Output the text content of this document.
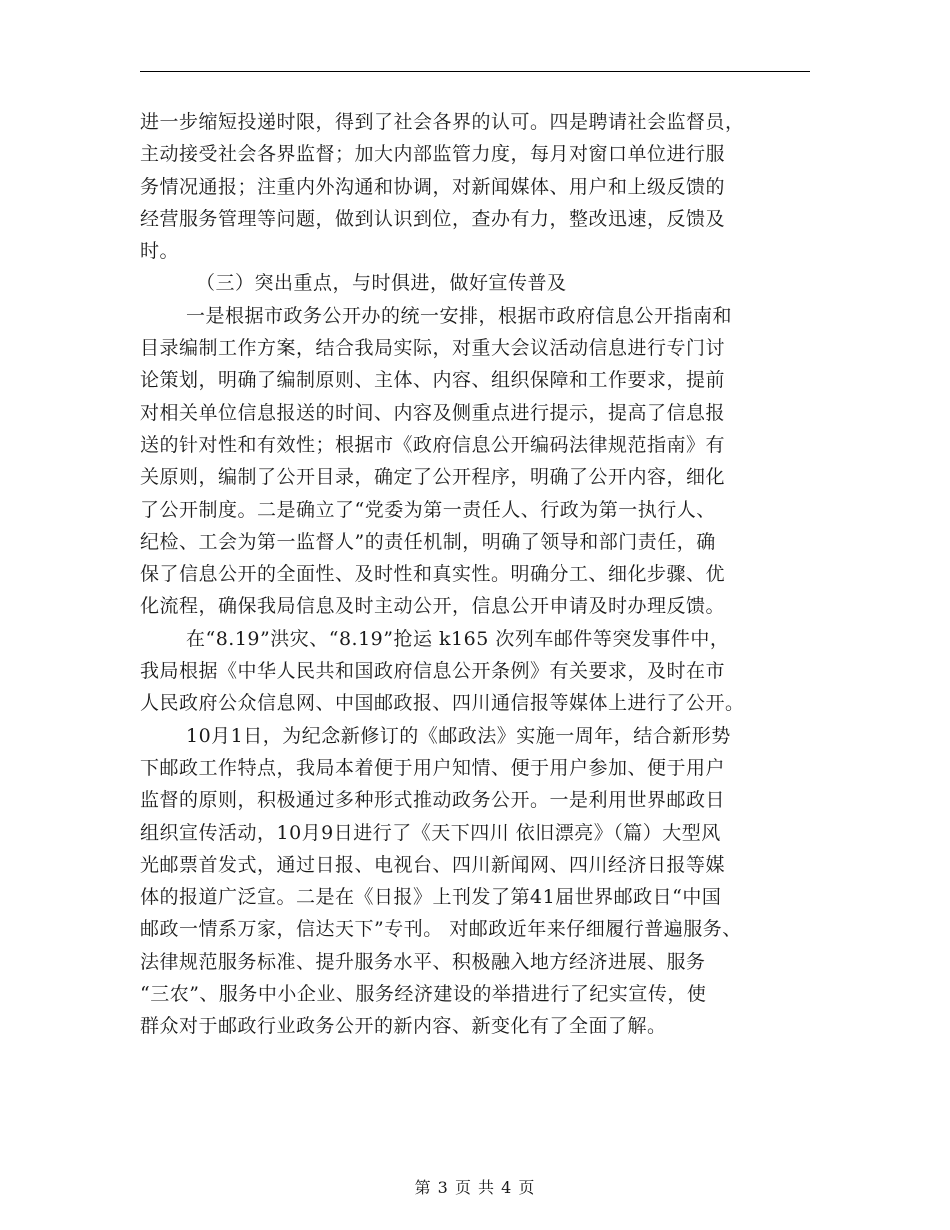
进一步缩短投递时限，得到了社会各界的认可。四是聘请社会监督员，
主动接受社会各界监督；加大内部监管力度，每月对窗口单位进行服
务情况通报；注重内外沟通和协调，对新闻媒体、用户和上级反馈的
经营服务管理等问题，做到认识到位，查办有力，整改迅速，反馈及
时。
（三）突出重点，与时俱进，做好宣传普及
一是根据市政务公开办的统一安排，根据市政府信息公开指南和
目录编制工作方案，结合我局实际，对重大会议活动信息进行专门讨
论策划，明确了编制原则、主体、内容、组织保障和工作要求，提前
对相关单位信息报送的时间、内容及侧重点进行提示，提高了信息报
送的针对性和有效性；根据市《政府信息公开编码法律规范指南》有
关原则，编制了公开目录，确定了公开程序，明确了公开内容，细化
了公开制度。二是确立了“党委为第一责任人、行政为第一执行人、
纪检、工会为第一监督人”的责任机制，明确了领导和部门责任，确
保了信息公开的全面性、及时性和真实性。明确分工、细化步骤、优
化流程，确保我局信息及时主动公开，信息公开申请及时办理反馈。
在“8.19”洪灾、“8.19”抢运 k165 次列车邮件等突发事件中，
我局根据《中华人民共和国政府信息公开条例》有关要求，及时在市
人民政府公众信息网、中国邮政报、四川通信报等媒体上进行了公开。
10月1日，为纪念新修订的《邮政法》实施一周年，结合新形势
下邮政工作特点，我局本着便于用户知情、便于用户参加、便于用户
监督的原则，积极通过多种形式推动政务公开。一是利用世界邮政日
组织宣传活动，10月9日进行了《天下四川 依旧漂亮》（篇）大型风
光邮票首发式，通过日报、电视台、四川新闻网、四川经济日报等媒
体的报道广泛宣。二是在《日报》上刊发了第41届世界邮政日“中国
邮政一情系万家，信达天下”专刊。 对邮政近年来仔细履行普遍服务、
法律规范服务标准、提升服务水平、积极融入地方经济进展、服务
“三农”、服务中小企业、服务经济建设的举措进行了纪实宣传，使
群众对于邮政行业政务公开的新内容、新变化有了全面了解。
第 3 页 共 4 页
